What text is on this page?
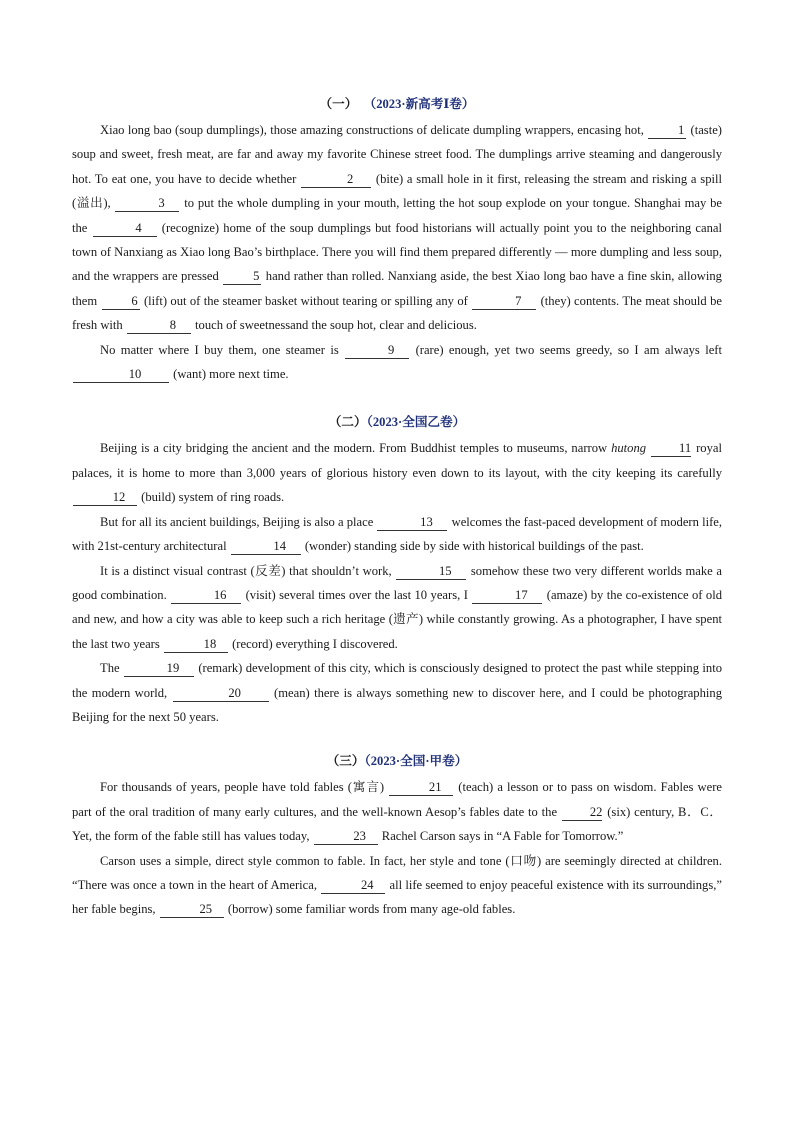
（一） （2023·新高考Ⅰ卷）

Xiao long bao (soup dumplings), those amazing constructions of delicate dumpling wrappers, encasing hot, 1 (taste) soup and sweet, fresh meat, are far and away my favorite Chinese street food. The dumplings arrive steaming and dangerously hot. To eat one, you have to decide whether	2 (bite) a small hole in it first, releasing the stream and risking a spill (溢出),	3 to put the whole dumpling in your mouth, letting the hot soup explode on your tongue. Shanghai may be the	4 (recognize) home of the soup dumplings but food historians will actually point you to the neighboring canal town of Nanxiang as Xiao long Bao’s birthplace. There you will find them prepared differently — more dumpling and less soup, and the wrappers are pressed 5 hand rather than rolled. Nanxiang aside, the best Xiao long bao have a fine skin, allowing them 6 (lift) out of the steamer basket without tearing or spilling any of	7 (they) contents. The meat should be fresh with	8 touch of sweetnessand the soup hot, clear and delicious.

No matter where I buy them, one steamer is	9 (rare) enough, yet two seems greedy, so I am always left 10 (want) more next time.

（二）（2023·全国乙卷）

Beijing is a city bridging the ancient and the modern. From Buddhist temples to museums, narrow hutong	11 royal palaces, it is home to more than 3,000 years of glorious history even down to its layout, with the city keeping its carefully 12 (build) system of ring roads.

But for all its ancient buildings, Beijing is also a place	13 welcomes the fast-paced development of modern life, with 21st-century architectural	14 (wonder) standing side by side with historical buildings of the past.

It is a distinct visual contrast (反差) that shouldn’t work,	15 somehow these two very different worlds make a good combination.	16 (visit) several times over the last 10 years, I	17 (amaze) by the co-existence of old and new, and how a city was able to keep such a rich heritage (遗产) while constantly growing. As a photographer, I have spent the last two years	18 (record) everything I discovered.

The	19 (remark) development of this city, which is consciously designed to protect the past while stepping into the modern world,	20 (mean) there is always something new to discover here, and I could be photographing Beijing for the next 50 years.

（三）（2023·全国·甲卷）

For thousands of years, people have told fables (寓言)	21 (teach) a lesson or to pass on wisdom. Fables were part of the oral tradition of many early cultures, and the well-known Aesop’s fables date to the 22 (six) century, B．C． Yet, the form of the fable still has values today,	23 Rachel Carson says in “A Fable for Tomorrow.”

Carson uses a simple, direct style common to fable. In fact, her style and tone (口吻) are seemingly directed at children. “There was once a town in the heart of America,	24 all life seemed to enjoy peaceful existence with its surroundings,” her fable begins,	25 (borrow) some familiar words from many age-old fables.
